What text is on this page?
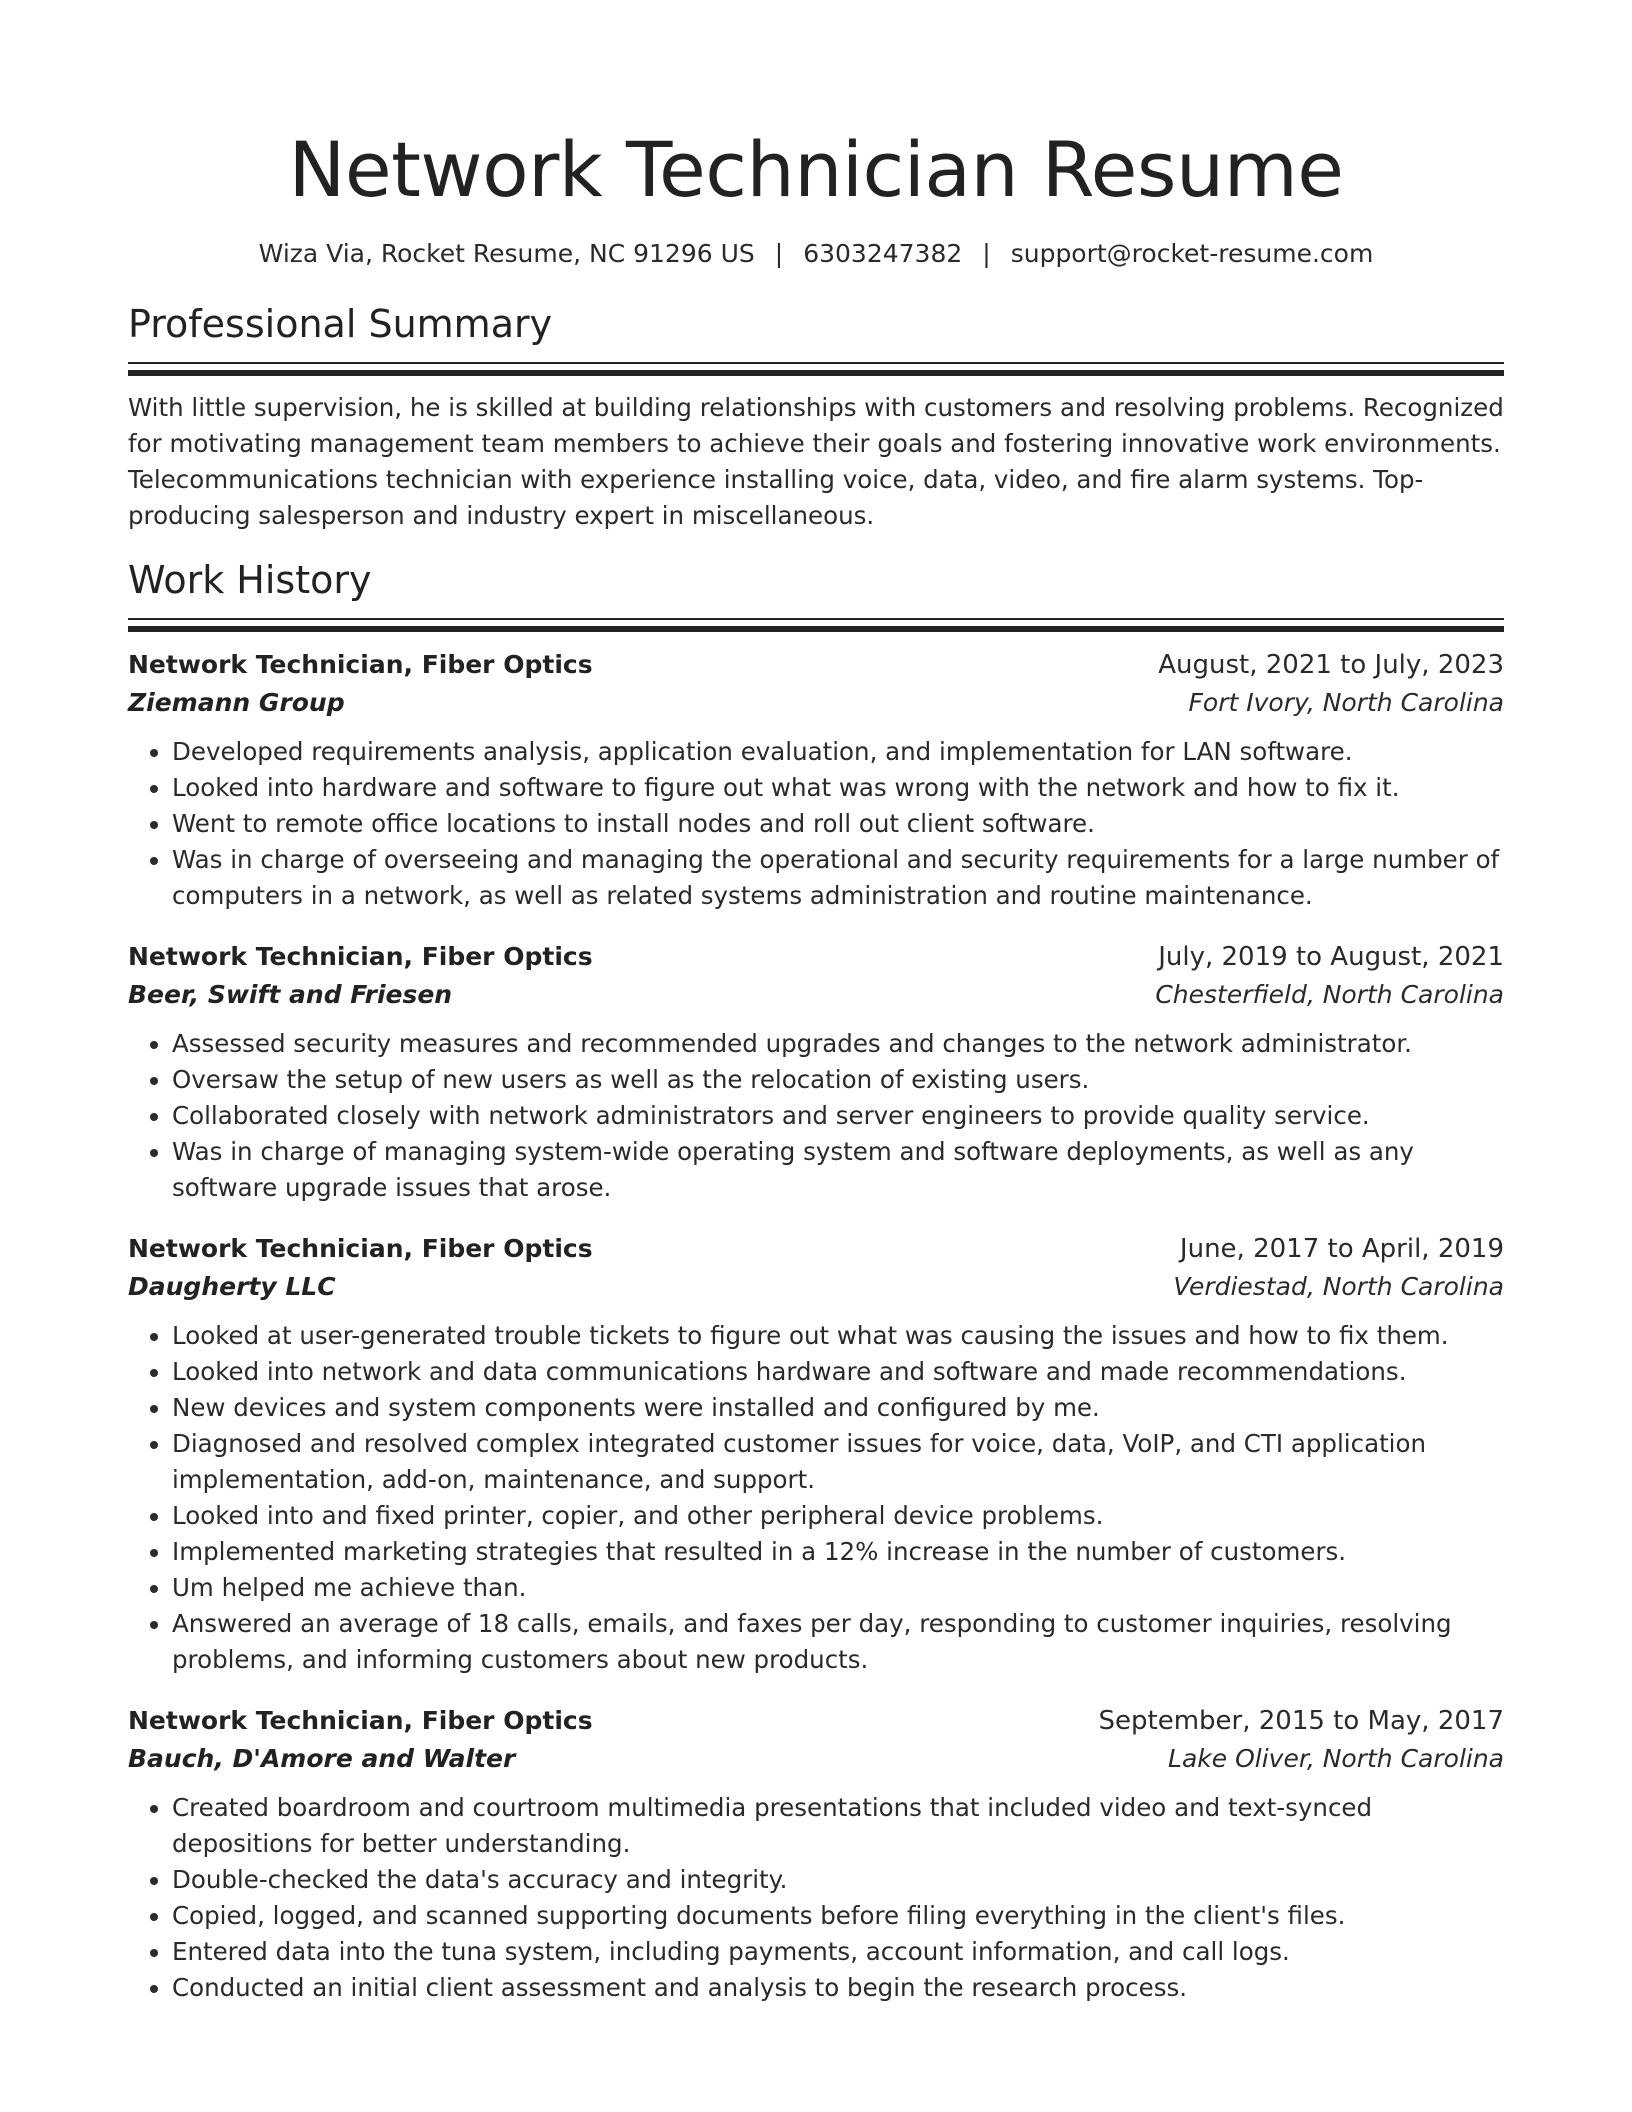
Network Technician Resume
Wiza Via, Rocket Resume, NC 91296 US | 6303247382 | support@rocket-resume.com
Professional Summary
With little supervision, he is skilled at building relationships with customers and resolving problems. Recognized for motivating management team members to achieve their goals and fostering innovative work environments. Telecommunications technician with experience installing voice, data, video, and fire alarm systems. Top-producing salesperson and industry expert in miscellaneous.
Work History
Network Technician, Fiber Optics	August, 2021 to July, 2023
Ziemann Group	Fort Ivory, North Carolina
• Developed requirements analysis, application evaluation, and implementation for LAN software.
• Looked into hardware and software to figure out what was wrong with the network and how to fix it.
• Went to remote office locations to install nodes and roll out client software.
• Was in charge of overseeing and managing the operational and security requirements for a large number of computers in a network, as well as related systems administration and routine maintenance.
Network Technician, Fiber Optics	July, 2019 to August, 2021
Beer, Swift and Friesen	Chesterfield, North Carolina
• Assessed security measures and recommended upgrades and changes to the network administrator.
• Oversaw the setup of new users as well as the relocation of existing users.
• Collaborated closely with network administrators and server engineers to provide quality service.
• Was in charge of managing system-wide operating system and software deployments, as well as any software upgrade issues that arose.
Network Technician, Fiber Optics	June, 2017 to April, 2019
Daugherty LLC	Verdiestad, North Carolina
• Looked at user-generated trouble tickets to figure out what was causing the issues and how to fix them.
• Looked into network and data communications hardware and software and made recommendations.
• New devices and system components were installed and configured by me.
• Diagnosed and resolved complex integrated customer issues for voice, data, VoIP, and CTI application implementation, add-on, maintenance, and support.
• Looked into and fixed printer, copier, and other peripheral device problems.
• Implemented marketing strategies that resulted in a 12% increase in the number of customers.
• Um helped me achieve than.
• Answered an average of 18 calls, emails, and faxes per day, responding to customer inquiries, resolving problems, and informing customers about new products.
Network Technician, Fiber Optics	September, 2015 to May, 2017
Bauch, D'Amore and Walter	Lake Oliver, North Carolina
• Created boardroom and courtroom multimedia presentations that included video and text-synced depositions for better understanding.
• Double-checked the data's accuracy and integrity.
• Copied, logged, and scanned supporting documents before filing everything in the client's files.
• Entered data into the tuna system, including payments, account information, and call logs.
• Conducted an initial client assessment and analysis to begin the research process.
